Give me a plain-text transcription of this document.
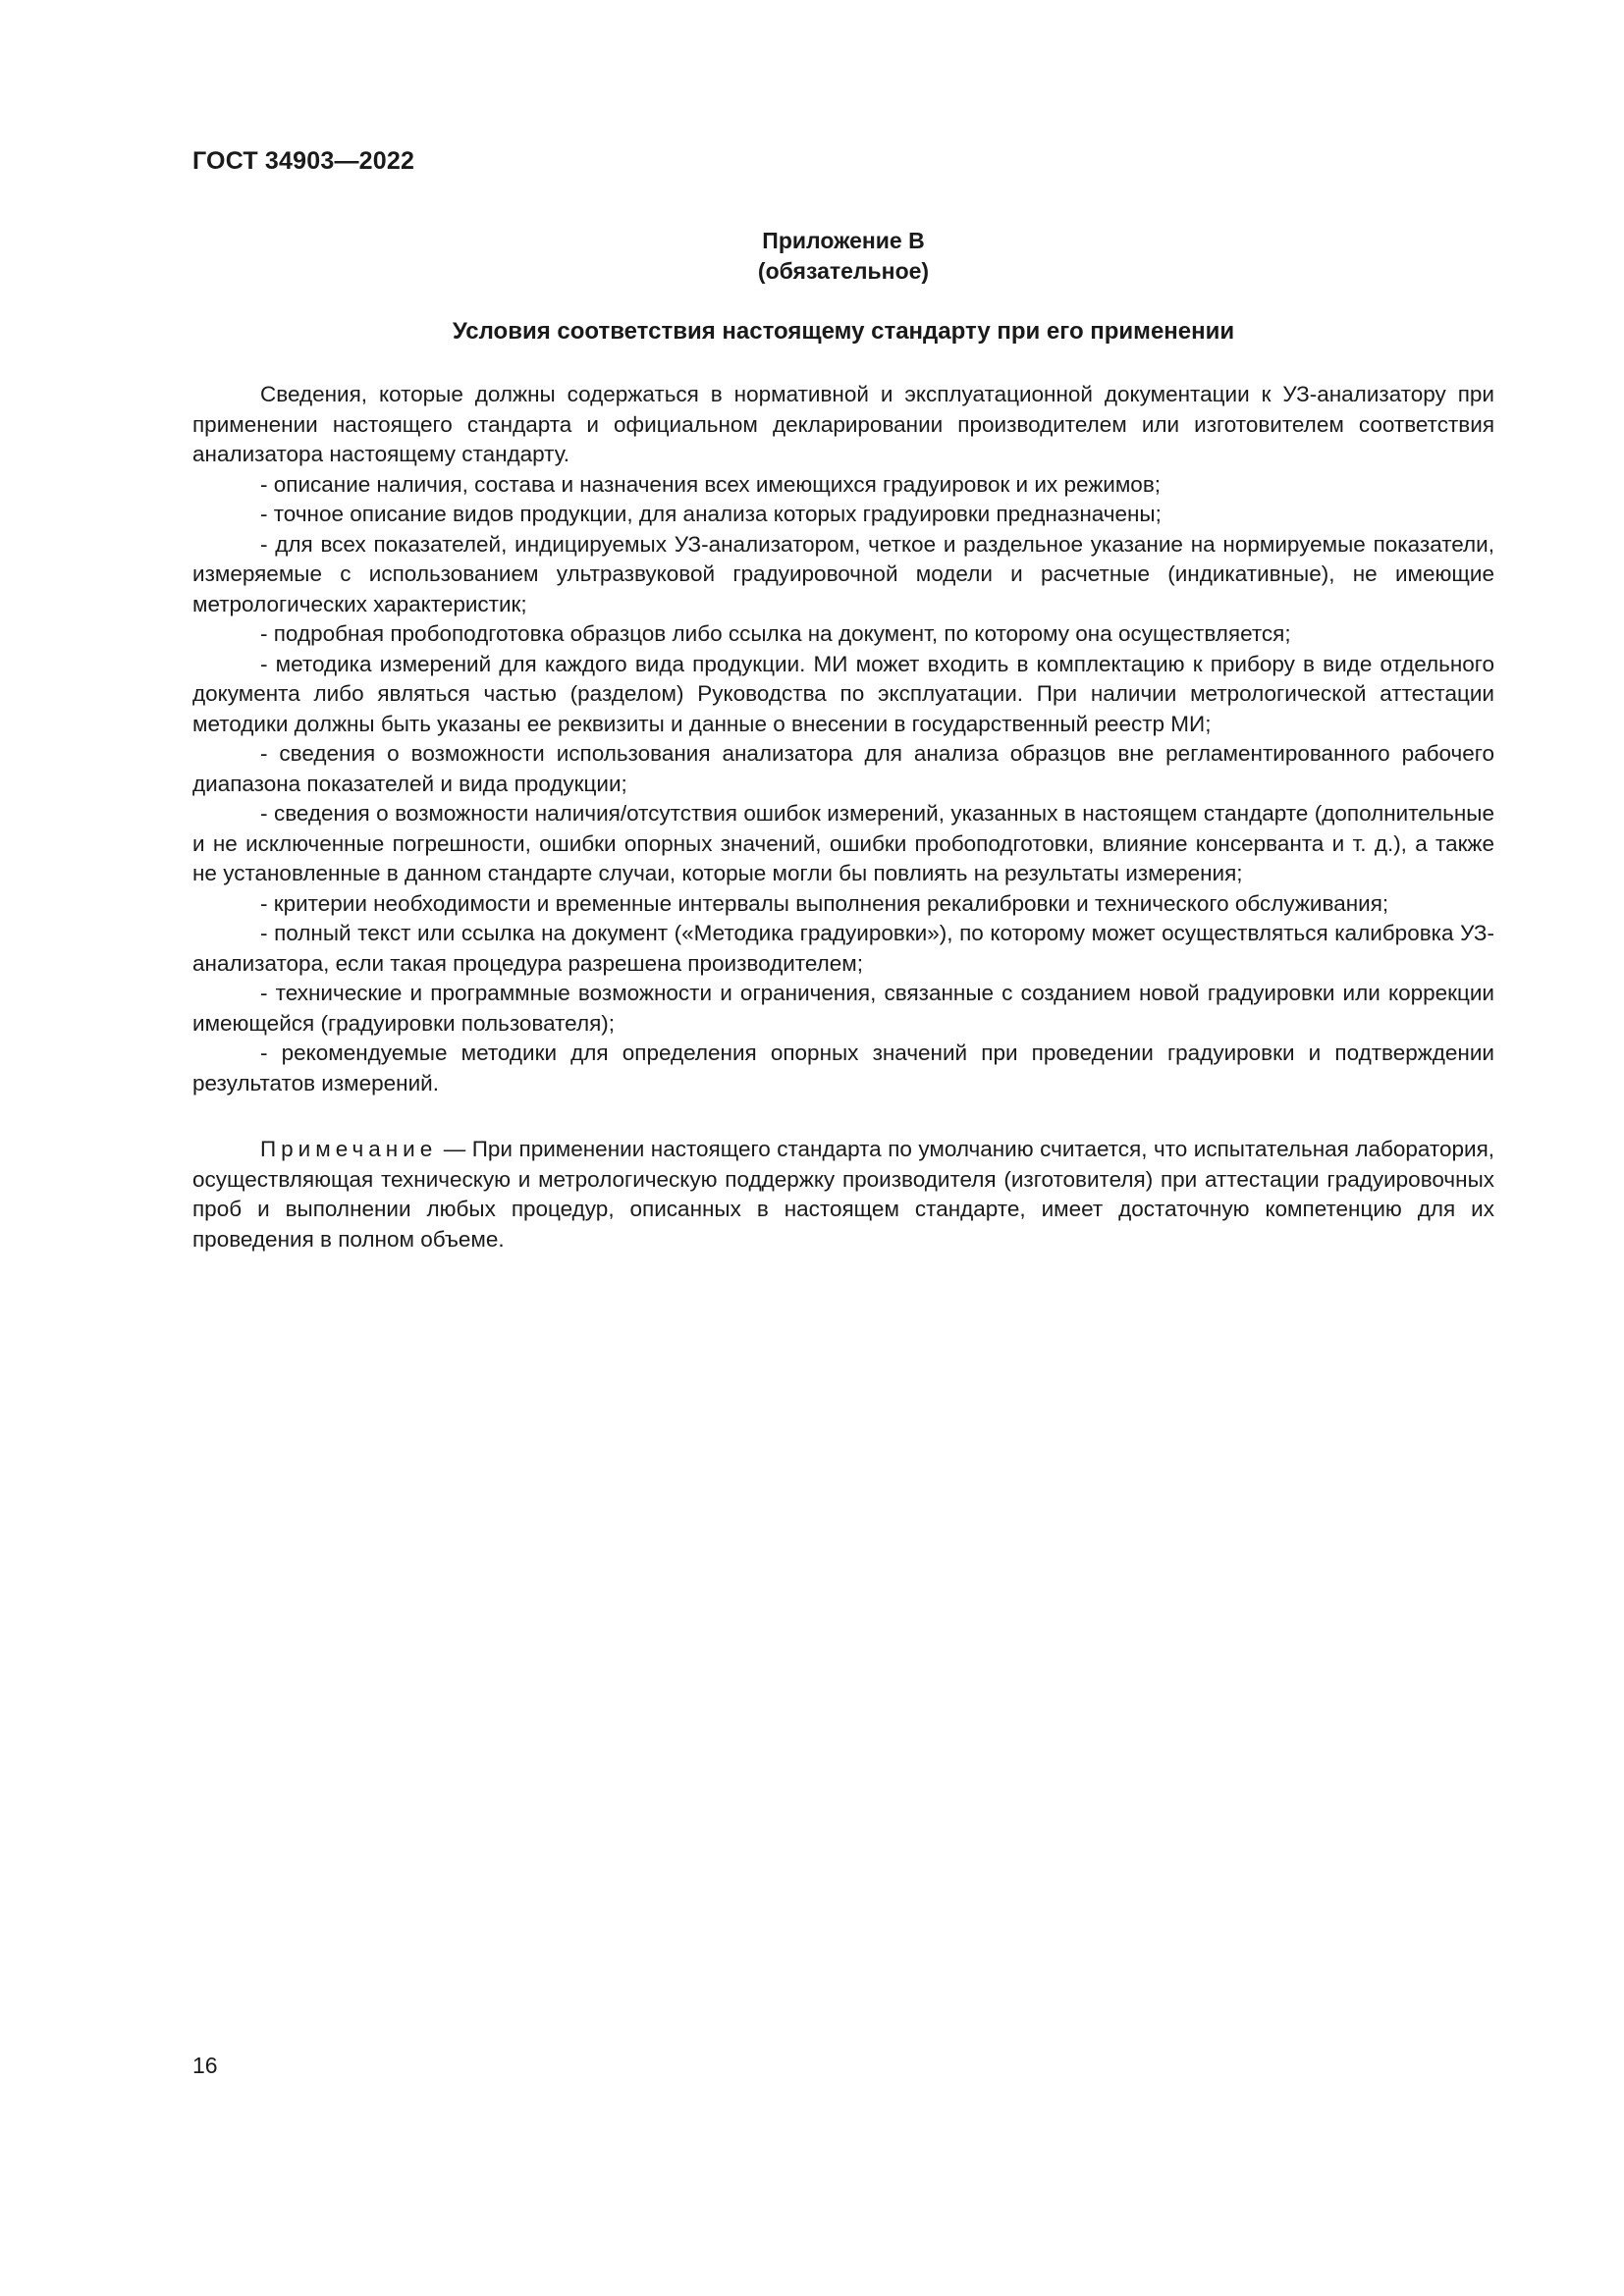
ГОСТ 34903—2022
Приложение В
(обязательное)
Условия соответствия настоящему стандарту при его применении

Сведения, которые должны содержаться в нормативной и эксплуатационной документации к УЗ-анализатору при применении настоящего стандарта и официальном декларировании производителем или изготовителем соответствия анализатора настоящему стандарту.

- описание наличия, состава и назначения всех имеющихся градуировок и их режимов;

- точное описание видов продукции, для анализа которых градуировки предназначены;

- для всех показателей, индицируемых УЗ-анализатором, четкое и раздельное указание на нормируемые показатели, измеряемые с использованием ультразвуковой градуировочной модели и расчетные (индикативные), не имеющие метрологических характеристик;

- подробная пробоподготовка образцов либо ссылка на документ, по которому она осуществляется;

- методика измерений для каждого вида продукции. МИ может входить в комплектацию к прибору в виде отдельного документа либо являться частью (разделом) Руководства по эксплуатации. При наличии метрологической аттестации методики должны быть указаны ее реквизиты и данные о внесении в государственный реестр МИ;

- сведения о возможности использования анализатора для анализа образцов вне регламентированного рабочего диапазона показателей и вида продукции;

- сведения о возможности наличия/отсутствия ошибок измерений, указанных в настоящем стандарте (дополнительные и не исключенные погрешности, ошибки опорных значений, ошибки пробоподготовки, влияние консерванта и т. д.), а также не установленные в данном стандарте случаи, которые могли бы повлиять на результаты измерения;

- критерии необходимости и временные интервалы выполнения рекалибровки и технического обслуживания;

- полный текст или ссылка на документ («Методика градуировки»), по которому может осуществляться калибровка УЗ-анализатора, если такая процедура разрешена производителем;

- технические и программные возможности и ограничения, связанные с созданием новой градуировки или коррекции имеющейся (градуировки пользователя);

- рекомендуемые методики для определения опорных значений при проведении градуировки и подтверждении результатов измерений.

Примечание — При применении настоящего стандарта по умолчанию считается, что испытательная лаборатория, осуществляющая техническую и метрологическую поддержку производителя (изготовителя) при аттестации градуировочных проб и выполнении любых процедур, описанных в настоящем стандарте, имеет достаточную компетенцию для их проведения в полном объеме.

16
